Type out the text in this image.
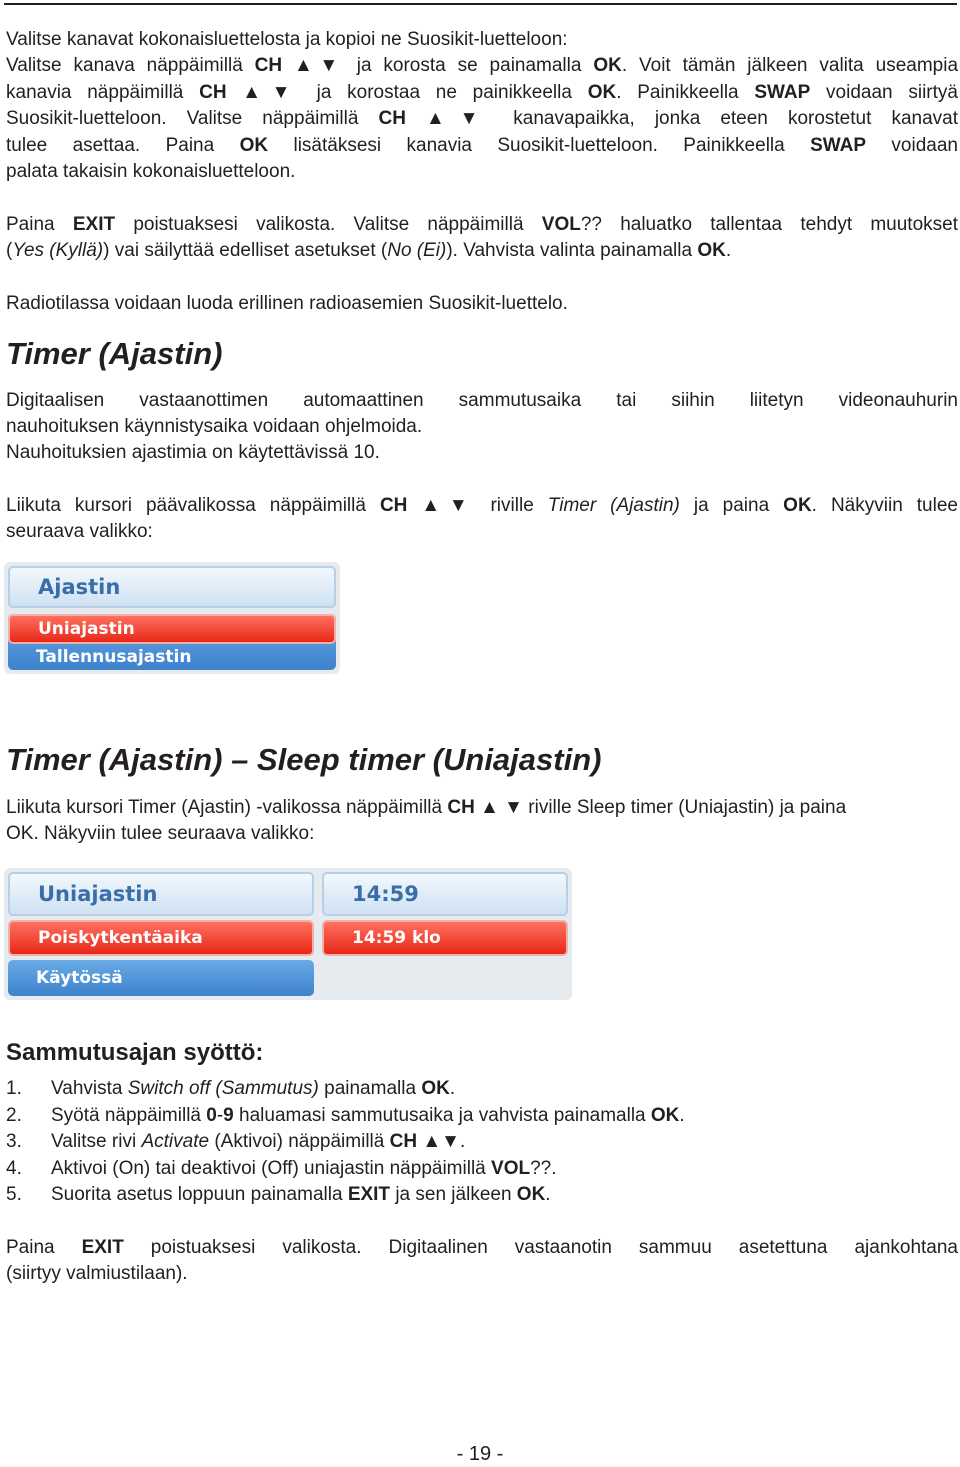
Valitse kanavat kokonaisluettelosta ja kopioi ne Suosikit-luetteloon:

Valitse kanava näppäimillä CH ▲▼ ja korosta se painamalla OK. Voit tämän jälkeen valita useampia

kanavia näppäimillä CH ▲▼ ja korostaa ne painikkeella OK. Painikkeella SWAP voidaan siirtyä

Suosikit-luetteloon. Valitse näppäimillä CH ▲▼ kanavapaikka, jonka eteen korostetut kanavat

tulee asettaa. Paina OK lisätäksesi kanavia Suosikit-luetteloon. Painikkeella SWAP voidaan

palata takaisin kokonaisluetteloon.

Paina EXIT poistuaksesi valikosta. Valitse näppäimillä VOL?? haluatko tallentaa tehdyt muutokset

(Yes (Kyllä)) vai säilyttää edelliset asetukset (No (Ei)). Vahvista valinta painamalla OK.

Radiotilassa voidaan luoda erillinen radioasemien Suosikit-luettelo.

Timer (Ajastin)

Digitaalisen vastaanottimen automaattinen sammutusaika tai siihin liitetyn videonauhurin

nauhoituksen käynnistysaika voidaan ohjelmoida.

Nauhoituksien ajastimia on käytettävissä 10.

Liikuta kursori päävalikossa näppäimillä CH ▲▼ riville Timer (Ajastin) ja paina OK. Näkyviin tulee

seuraava valikko:

Ajastin
Uniajastin
Tallennusajastin
Timer (Ajastin) – Sleep timer (Uniajastin)

Liikuta kursori Timer (Ajastin) -valikossa näppäimillä CH ▲ ▼ riville Sleep timer (Uniajastin) ja paina

OK. Näkyviin tulee seuraava valikko:

Uniajastin	14:59
Poiskytkentäaika	14:59 klo
Käytössä
Sammutusajan syöttö:
1.	Vahvista Switch off (Sammutus) painamalla OK.
2.	Syötä näppäimillä 0-9 haluamasi sammutusaika ja vahvista painamalla OK.
3.	Valitse rivi Activate (Aktivoi) näppäimillä CH ▲▼.
4.	Aktivoi (On) tai deaktivoi (Off) uniajastin näppäimillä VOL??.
5.	Suorita asetus loppuun painamalla EXIT ja sen jälkeen OK.

Paina EXIT poistuaksesi valikosta. Digitaalinen vastaanotin sammuu asetettuna ajankohtana

(siirtyy valmiustilaan).

- 19 -
